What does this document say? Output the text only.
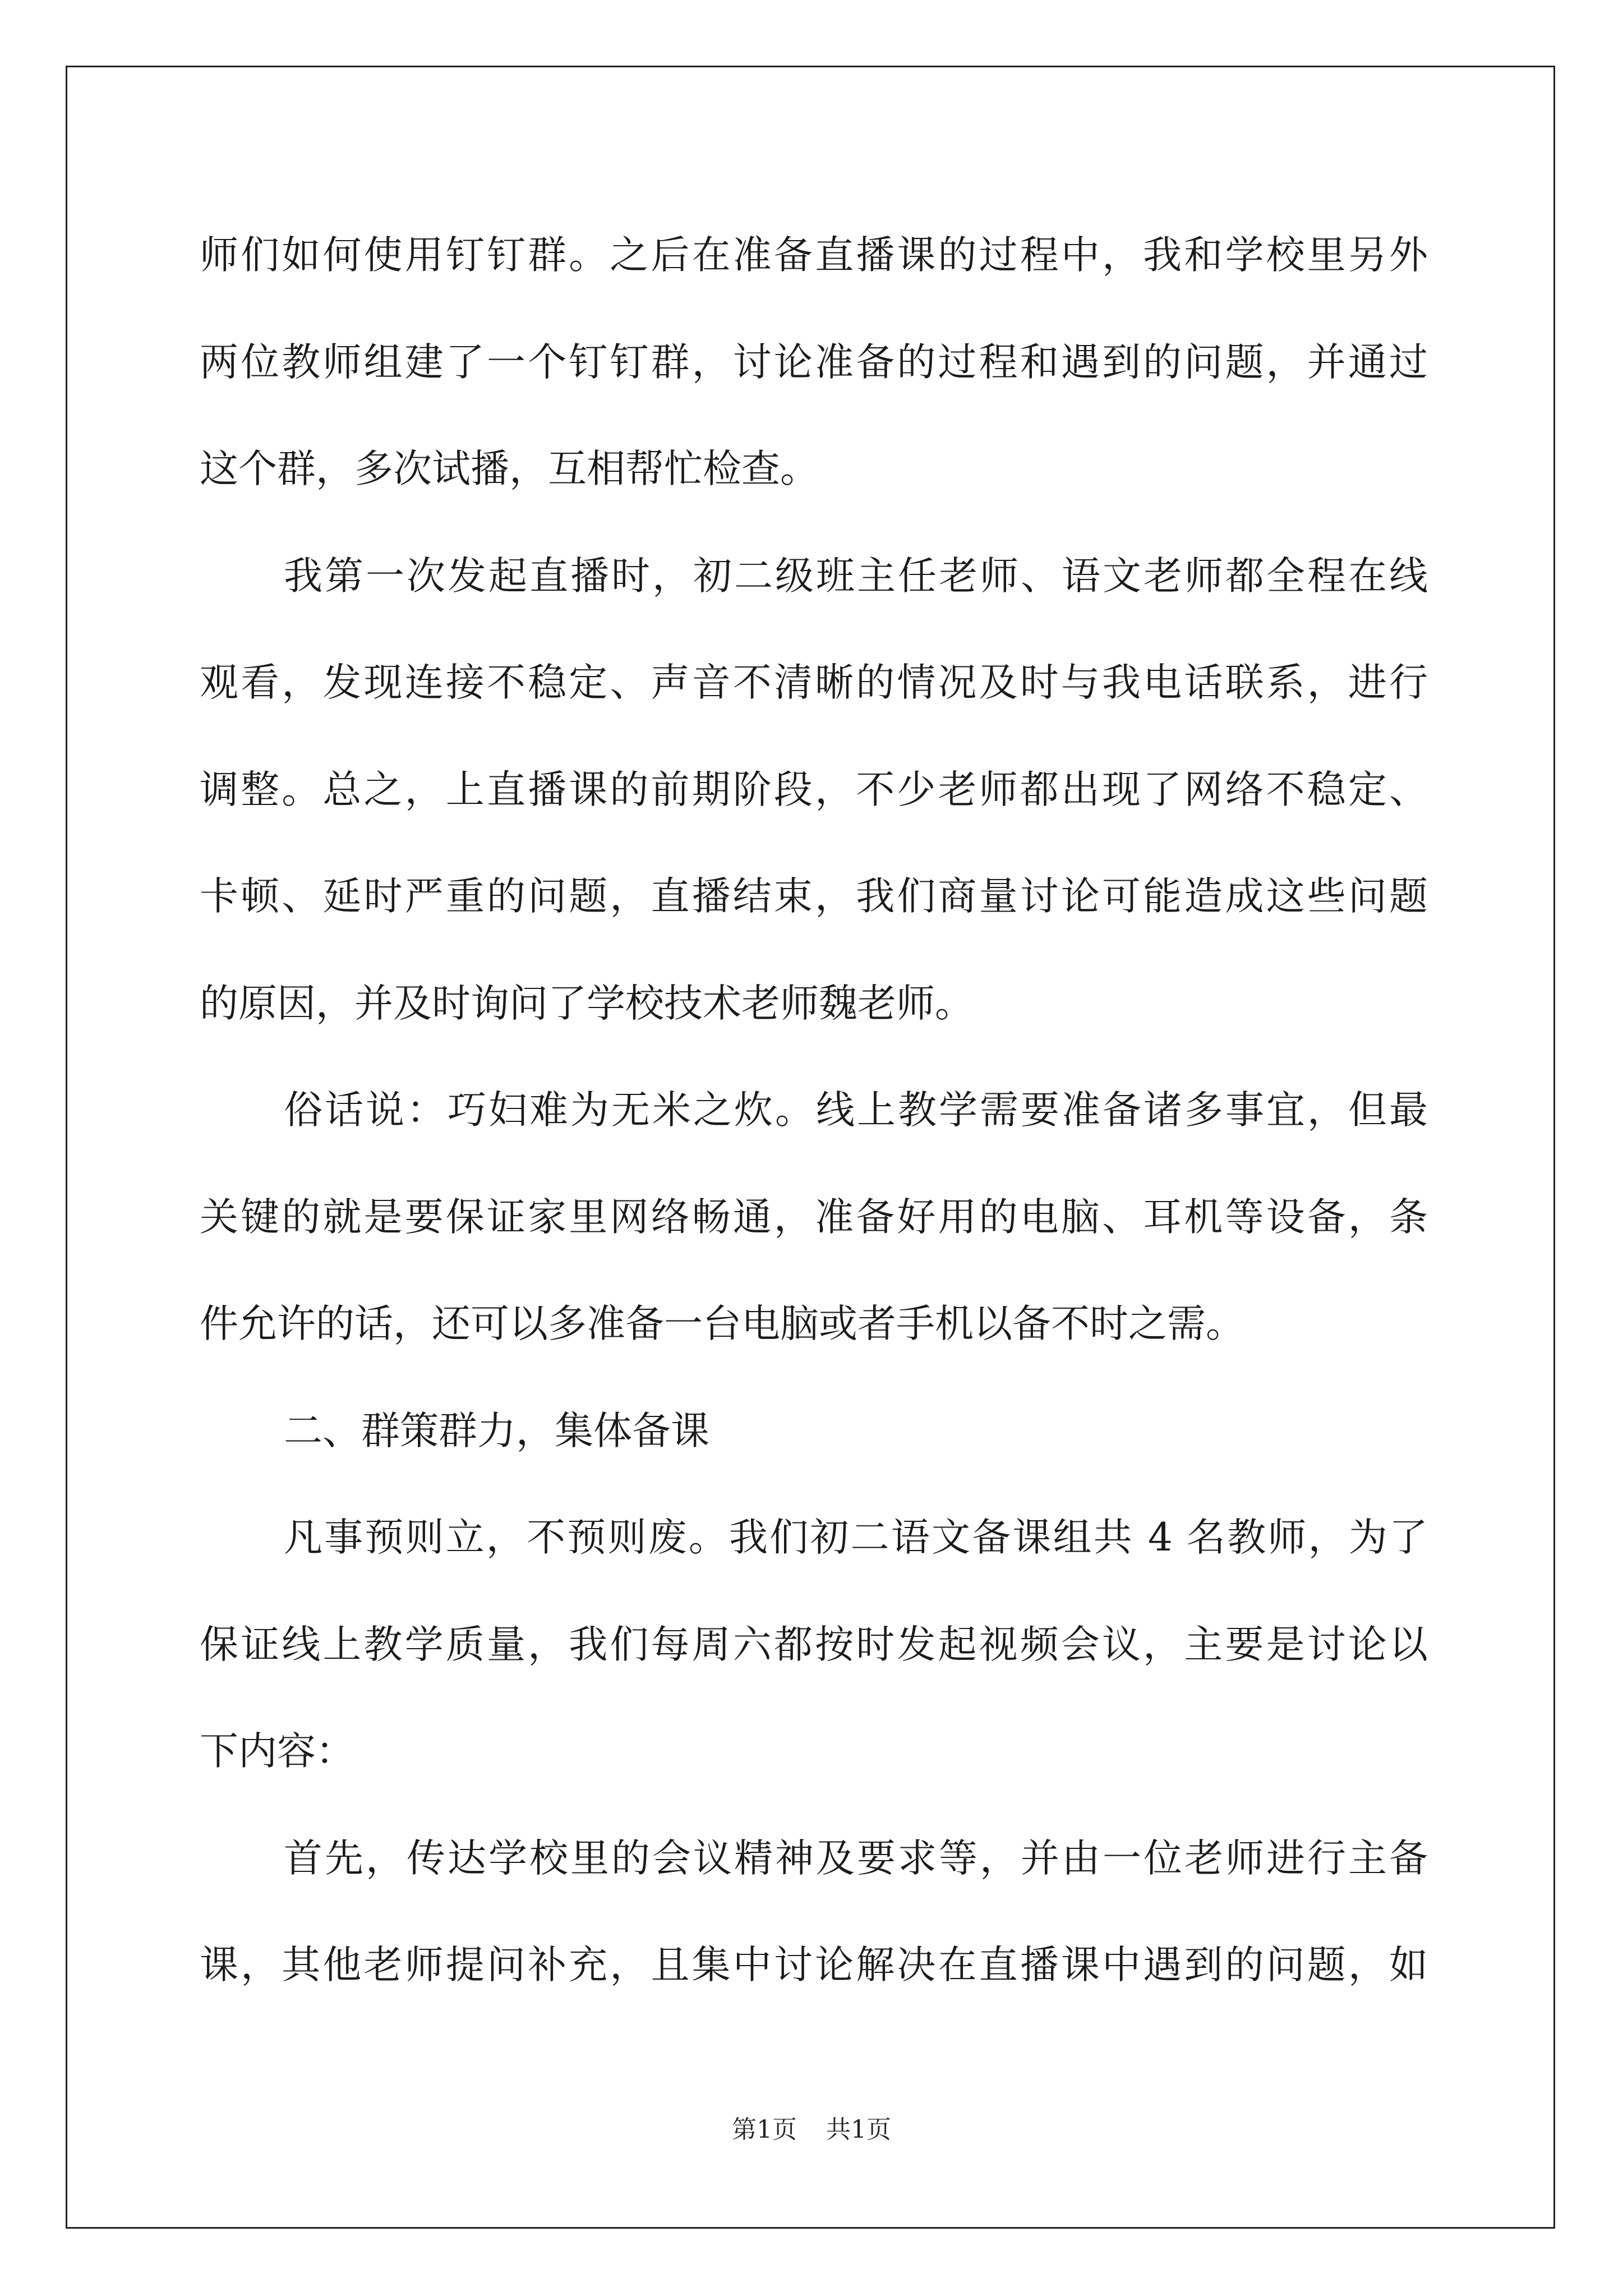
师们如何使用钉钉群。之后在准备直播课的过程中，我和学校里另外
两位教师组建了一个钉钉群，讨论准备的过程和遇到的问题，并通过
这个群，多次试播，互相帮忙检查。
我第一次发起直播时，初二级班主任老师、语文老师都全程在线
观看，发现连接不稳定、声音不清晰的情况及时与我电话联系，进行
调整。总之，上直播课的前期阶段，不少老师都出现了网络不稳定、
卡顿、延时严重的问题，直播结束，我们商量讨论可能造成这些问题
的原因，并及时询问了学校技术老师魏老师。
俗话说：巧妇难为无米之炊。线上教学需要准备诸多事宜，但最
关键的就是要保证家里网络畅通，准备好用的电脑、耳机等设备，条
件允许的话，还可以多准备一台电脑或者手机以备不时之需。
二、群策群力，集体备课
凡事预则立，不预则废。我们初二语文备课组共 4 名教师，为了
保证线上教学质量，我们每周六都按时发起视频会议，主要是讨论以
下内容：
首先，传达学校里的会议精神及要求等，并由一位老师进行主备
课，其他老师提问补充，且集中讨论解决在直播课中遇到的问题，如
第1页 共1页
